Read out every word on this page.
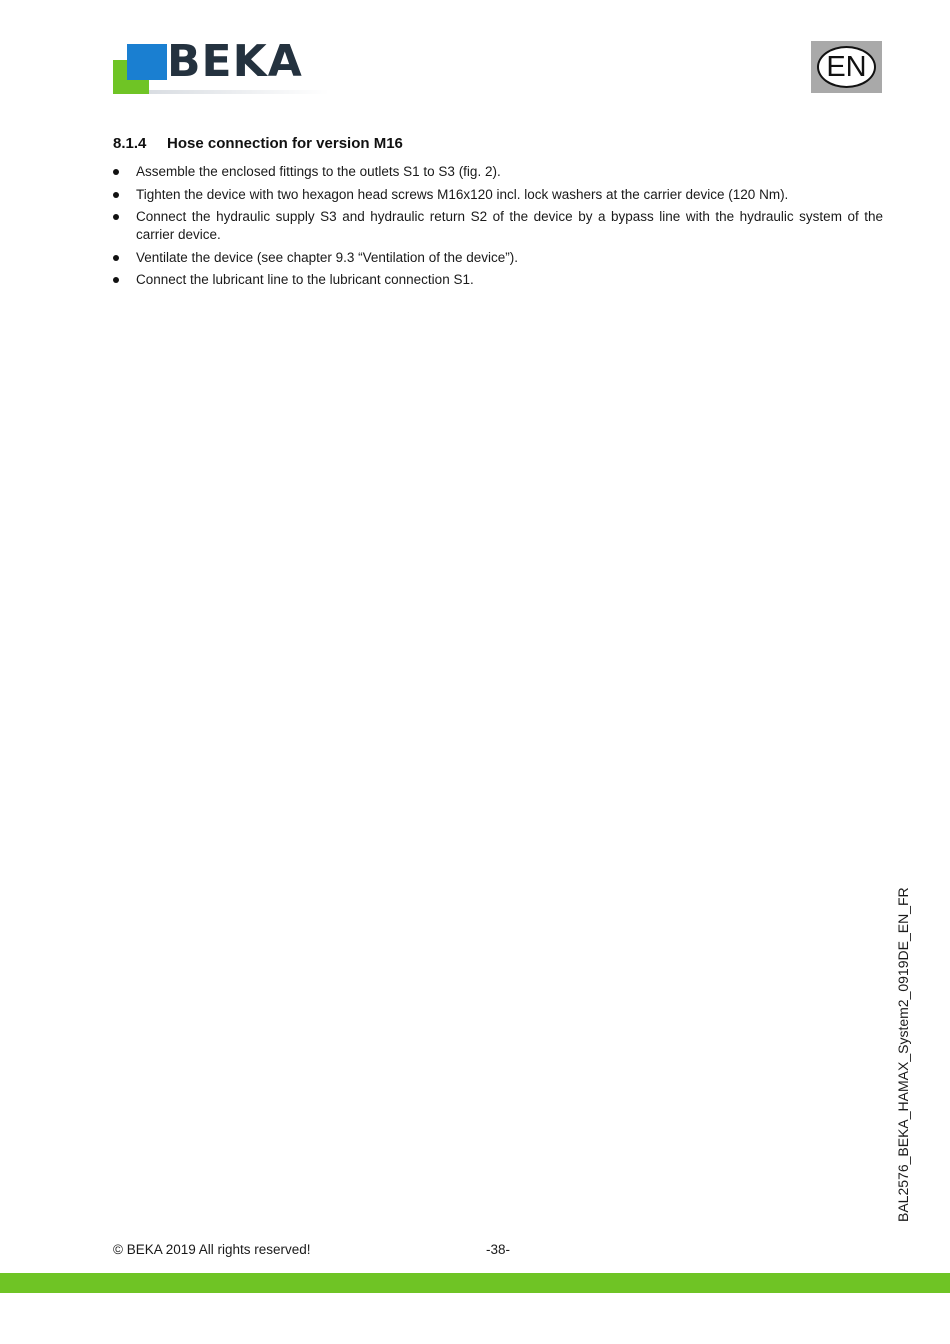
BEKA	EN
8.1.4 Hose connection for version M16
Assemble the enclosed fittings to the outlets S1 to S3 (fig. 2).
Tighten the device with two hexagon head screws M16x120 incl. lock washers at the carrier device (120 Nm).
Connect the hydraulic supply S3 and hydraulic return S2 of the device by a bypass line with the hydraulic system of the carrier device.
Ventilate the device (see chapter 9.3 “Ventilation of the device”).
Connect the lubricant line to the lubricant connection S1.
BAL2576_BEKA_HAMAX_System2_0919DE_EN_FR
© BEKA 2019 All rights reserved!	-38-
